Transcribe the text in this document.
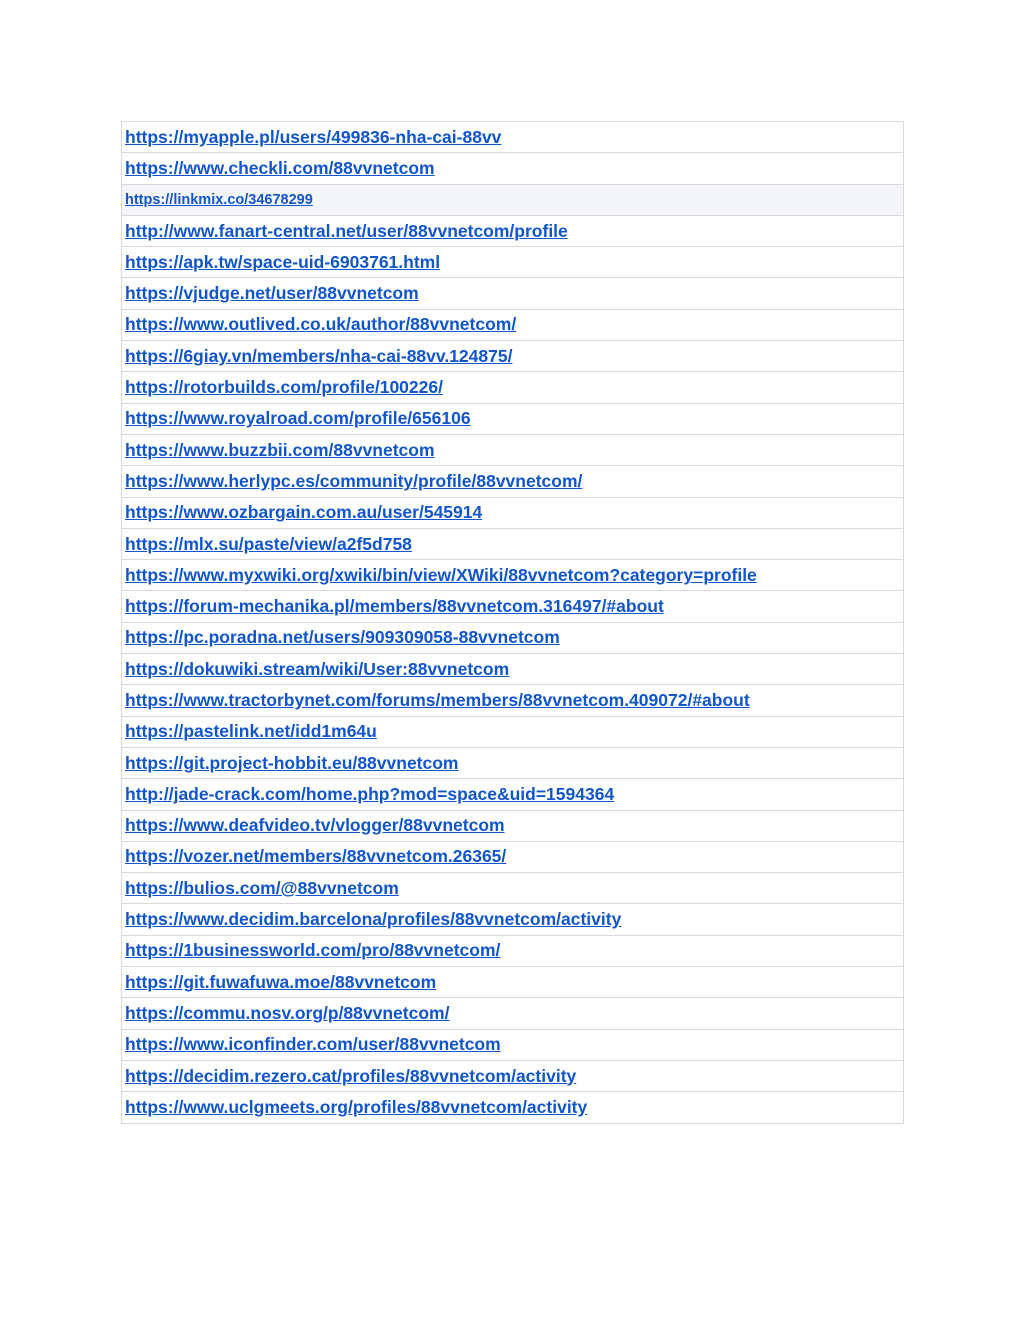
https://myapple.pl/users/499836-nha-cai-88vv
https://www.checkli.com/88vvnetcom
https://linkmix.co/34678299
http://www.fanart-central.net/user/88vvnetcom/profile
https://apk.tw/space-uid-6903761.html
https://vjudge.net/user/88vvnetcom
https://www.outlived.co.uk/author/88vvnetcom/
https://6giay.vn/members/nha-cai-88vv.124875/
https://rotorbuilds.com/profile/100226/
https://www.royalroad.com/profile/656106
https://www.buzzbii.com/88vvnetcom
https://www.herlypc.es/community/profile/88vvnetcom/
https://www.ozbargain.com.au/user/545914
https://mlx.su/paste/view/a2f5d758
https://www.myxwiki.org/xwiki/bin/view/XWiki/88vvnetcom?category=profile
https://forum-mechanika.pl/members/88vvnetcom.316497/#about
https://pc.poradna.net/users/909309058-88vvnetcom
https://dokuwiki.stream/wiki/User:88vvnetcom
https://www.tractorbynet.com/forums/members/88vvnetcom.409072/#about
https://pastelink.net/idd1m64u
https://git.project-hobbit.eu/88vvnetcom
http://jade-crack.com/home.php?mod=space&uid=1594364
https://www.deafvideo.tv/vlogger/88vvnetcom
https://vozer.net/members/88vvnetcom.26365/
https://bulios.com/@88vvnetcom
https://www.decidim.barcelona/profiles/88vvnetcom/activity
https://1businessworld.com/pro/88vvnetcom/
https://git.fuwafuwa.moe/88vvnetcom
https://commu.nosv.org/p/88vvnetcom/
https://www.iconfinder.com/user/88vvnetcom
https://decidim.rezero.cat/profiles/88vvnetcom/activity
https://www.uclgmeets.org/profiles/88vvnetcom/activity
